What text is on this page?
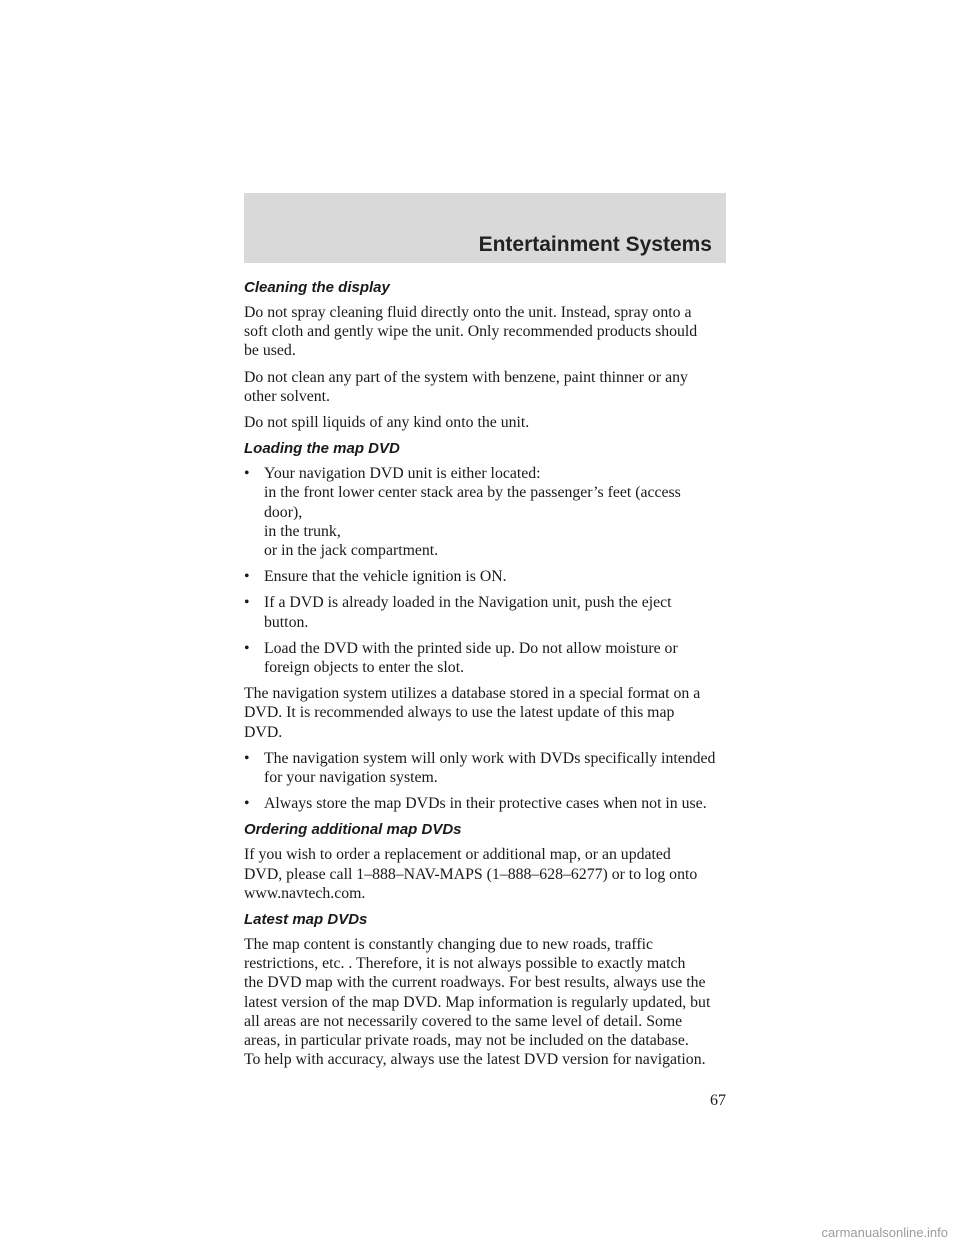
Entertainment Systems
Cleaning the display
Do not spray cleaning fluid directly onto the unit. Instead, spray onto a
soft cloth and gently wipe the unit. Only recommended products should
be used.
Do not clean any part of the system with benzene, paint thinner or any
other solvent.
Do not spill liquids of any kind onto the unit.
Loading the map DVD
• Your navigation DVD unit is either located:
in the front lower center stack area by the passenger’s feet (access
door),
in the trunk,
or in the jack compartment.
• Ensure that the vehicle ignition is ON.
• If a DVD is already loaded in the Navigation unit, push the eject
button.
• Load the DVD with the printed side up. Do not allow moisture or
foreign objects to enter the slot.
The navigation system utilizes a database stored in a special format on a
DVD. It is recommended always to use the latest update of this map
DVD.
• The navigation system will only work with DVDs specifically intended
for your navigation system.
• Always store the map DVDs in their protective cases when not in use.
Ordering additional map DVDs
If you wish to order a replacement or additional map, or an updated
DVD, please call 1–888–NAV-MAPS (1–888–628–6277) or to log onto
www.navtech.com.
Latest map DVDs
The map content is constantly changing due to new roads, traffic
restrictions, etc. . Therefore, it is not always possible to exactly match
the DVD map with the current roadways. For best results, always use the
latest version of the map DVD. Map information is regularly updated, but
all areas are not necessarily covered to the same level of detail. Some
areas, in particular private roads, may not be included on the database.
To help with accuracy, always use the latest DVD version for navigation.
67
carmanualsonline.info
